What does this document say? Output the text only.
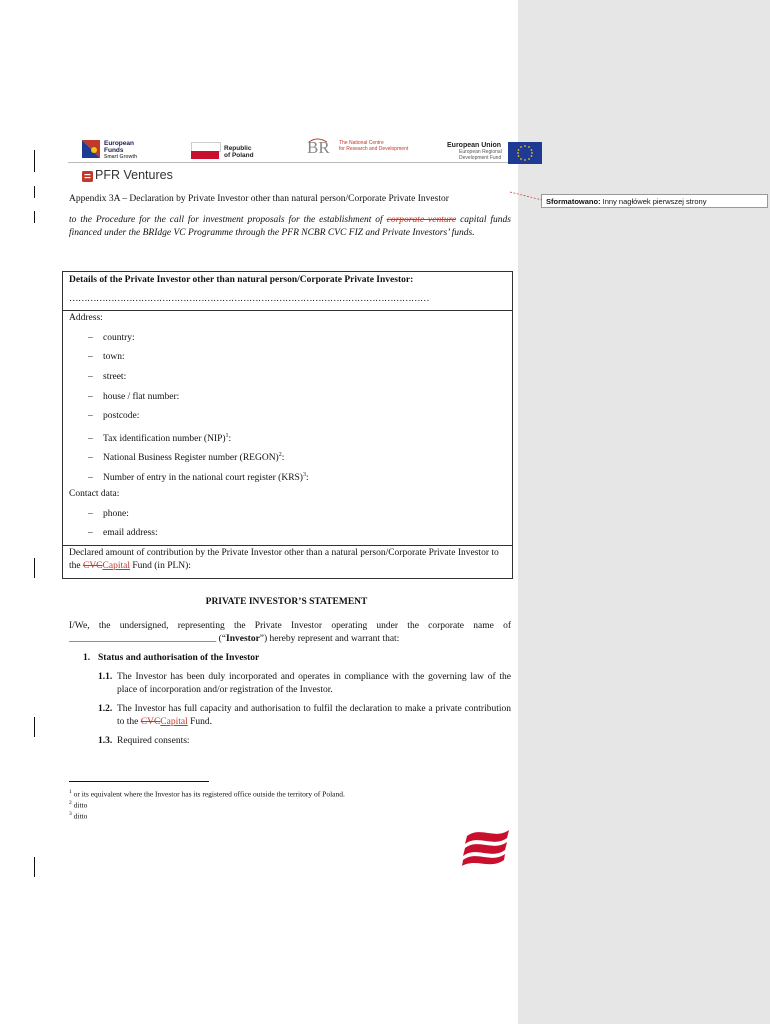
Sformatowano: Inny nagłówek pierwszej strony
European
Funds
Smart Growth
Republic
of Poland	BR The National Centre
for Research and Development	European Union
European Regional
Development Fund
PFR Ventures
Appendix 3A – Declaration by Private Investor other than natural person/Corporate Private Investor
to the Procedure for the call for investment proposals for the establishment of corporate venture capital funds financed under the BRIdge VC Programme through the PFR NCBR CVC FIZ and Private Investors’ funds.
Details of the Private Investor other than natural person/Corporate Private Investor:
…………………………………………………………………………………………………………
Address:
– country:
– town:
– street:
– house / flat number:
– postcode:
– Tax identification number (NIP)$^1$:
– National Business Register number (REGON)$^2$:
– Number of entry in the national court register (KRS)$^3$:
Contact data:
– phone:
– email address:
Declared amount of contribution by the Private Investor other than a natural person/Corporate Private Investor to the CVCCapital Fund (in PLN):
PRIVATE INVESTOR’S STATEMENT
I/We, the undersigned, representing the Private Investor operating under the corporate name of
_______________________________ (“Investor”) hereby represent and warrant that:
1. Status and authorisation of the Investor
1.1. The Investor has been duly incorporated and operates in compliance with the governing law of the place of incorporation and/or registration of the Investor.
1.2. The Investor has full capacity and authorisation to fulfil the declaration to make a private contribution to the CVCCapital Fund.
1.3. Required consents:
$^1$ or its equivalent where the Investor has its registered office outside the territory of Poland.
$^2$ ditto
$^3$ ditto
